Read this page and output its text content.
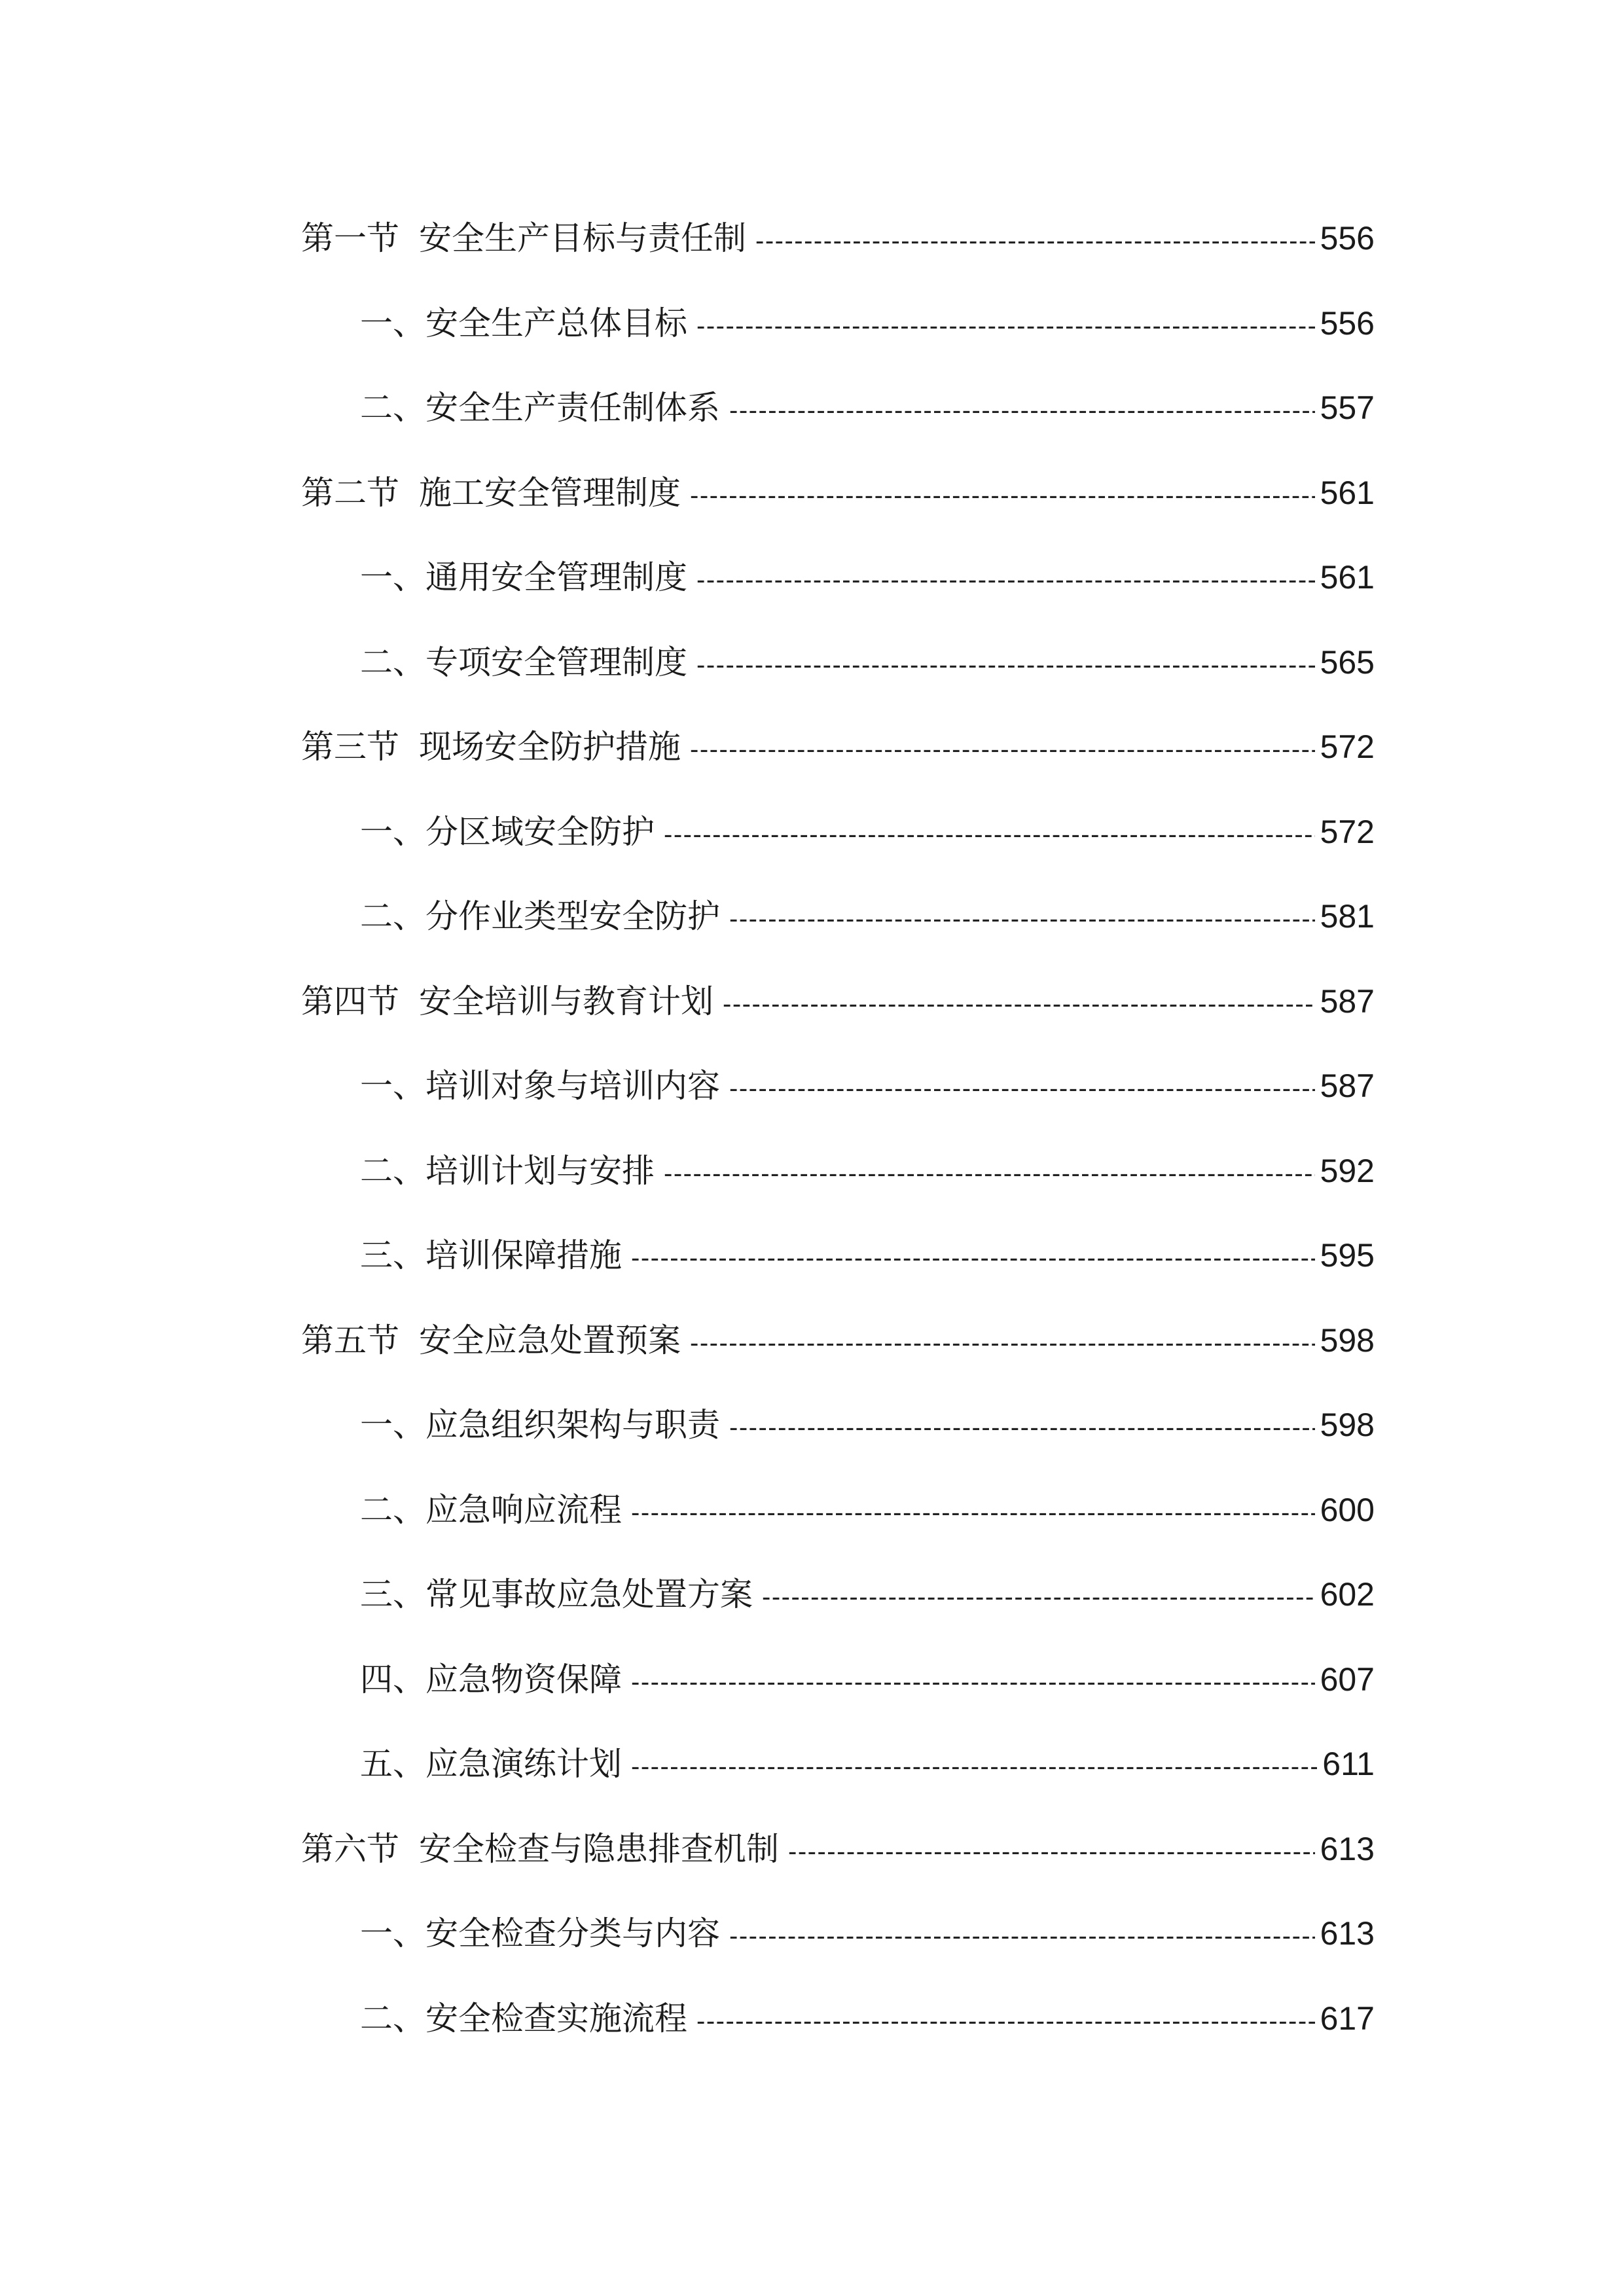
第一节 安全生产目标与责任制 -----	556
一、 安全生产总体目标 -----	556
二、 安全生产责任制体系 -----	557
第二节 施工安全管理制度 -----	561
一、 通用安全管理制度 -----	561
二、 专项安全管理制度 -----	565
第三节 现场安全防护措施 -----	572
一、 分区域安全防护 -----	572
二、 分作业类型安全防护 -----	581
第四节 安全培训与教育计划 -----	587
一、 培训对象与培训内容 -----	587
二、 培训计划与安排 -----	592
三、 培训保障措施 -----	595
第五节 安全应急处置预案 -----	598
一、 应急组织架构与职责 -----	598
二、 应急响应流程 -----	600
三、 常见事故应急处置方案 -----	602
四、 应急物资保障 -----	607
五、 应急演练计划 -----	611
第六节 安全检查与隐患排查机制 -----	613
一、 安全检查分类与内容 -----	613
二、 安全检查实施流程 -----	617
